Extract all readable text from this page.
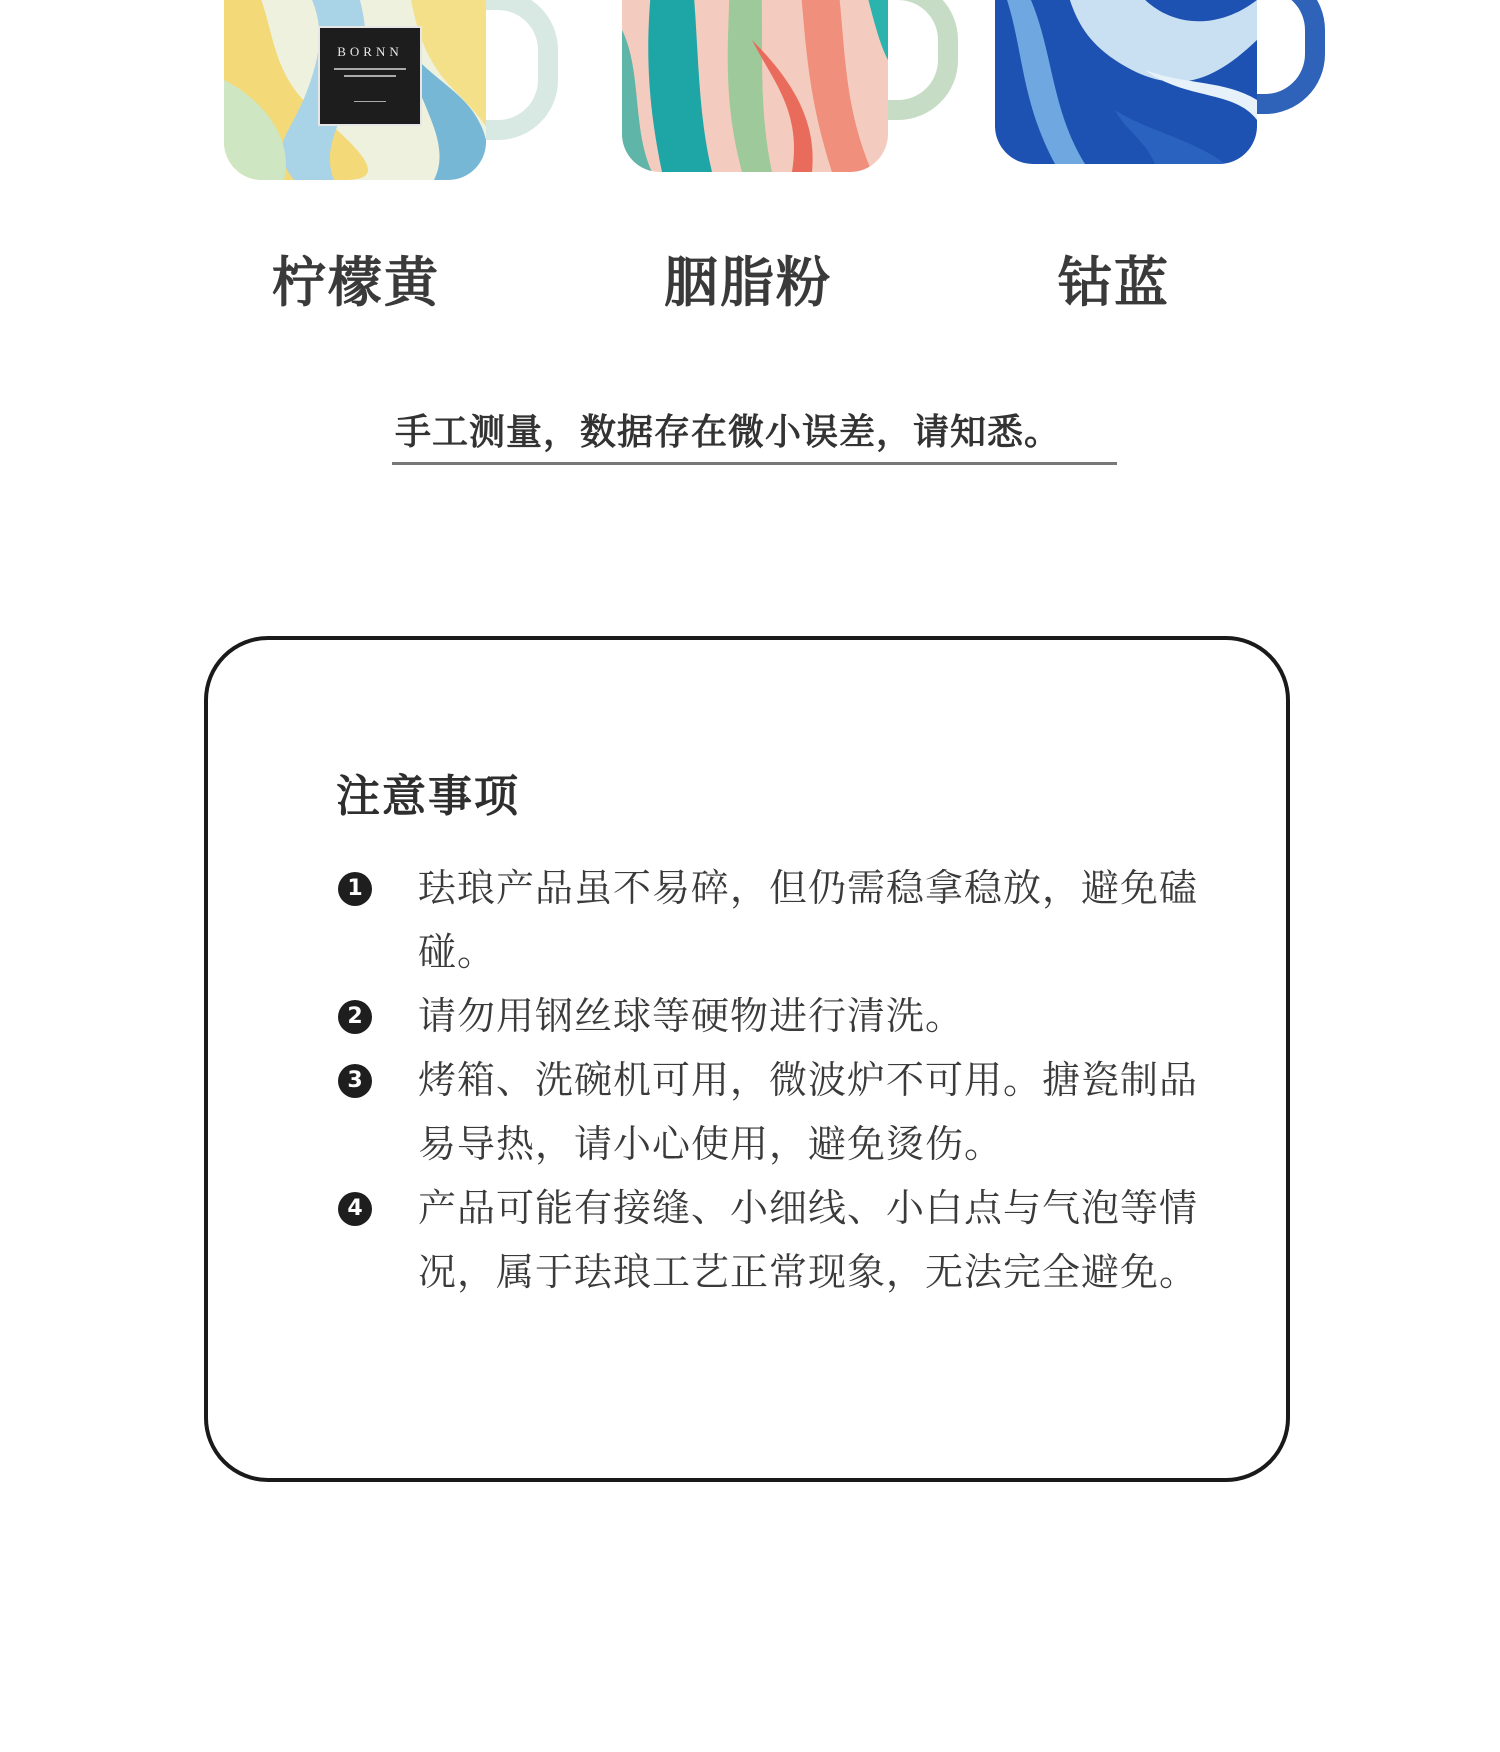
BORNN
柠檬黄	胭脂粉	钴蓝
手工测量，数据存在微小误差，请知悉。
注意事项
1 珐琅产品虽不易碎，但仍需稳拿稳放，避免磕碰。
2 请勿用钢丝球等硬物进行清洗。
3 烤箱、洗碗机可用，微波炉不可用。搪瓷制品易导热，请小心使用，避免烫伤。
4 产品可能有接缝、小细线、小白点与气泡等情况，属于珐琅工艺正常现象，无法完全避免。
